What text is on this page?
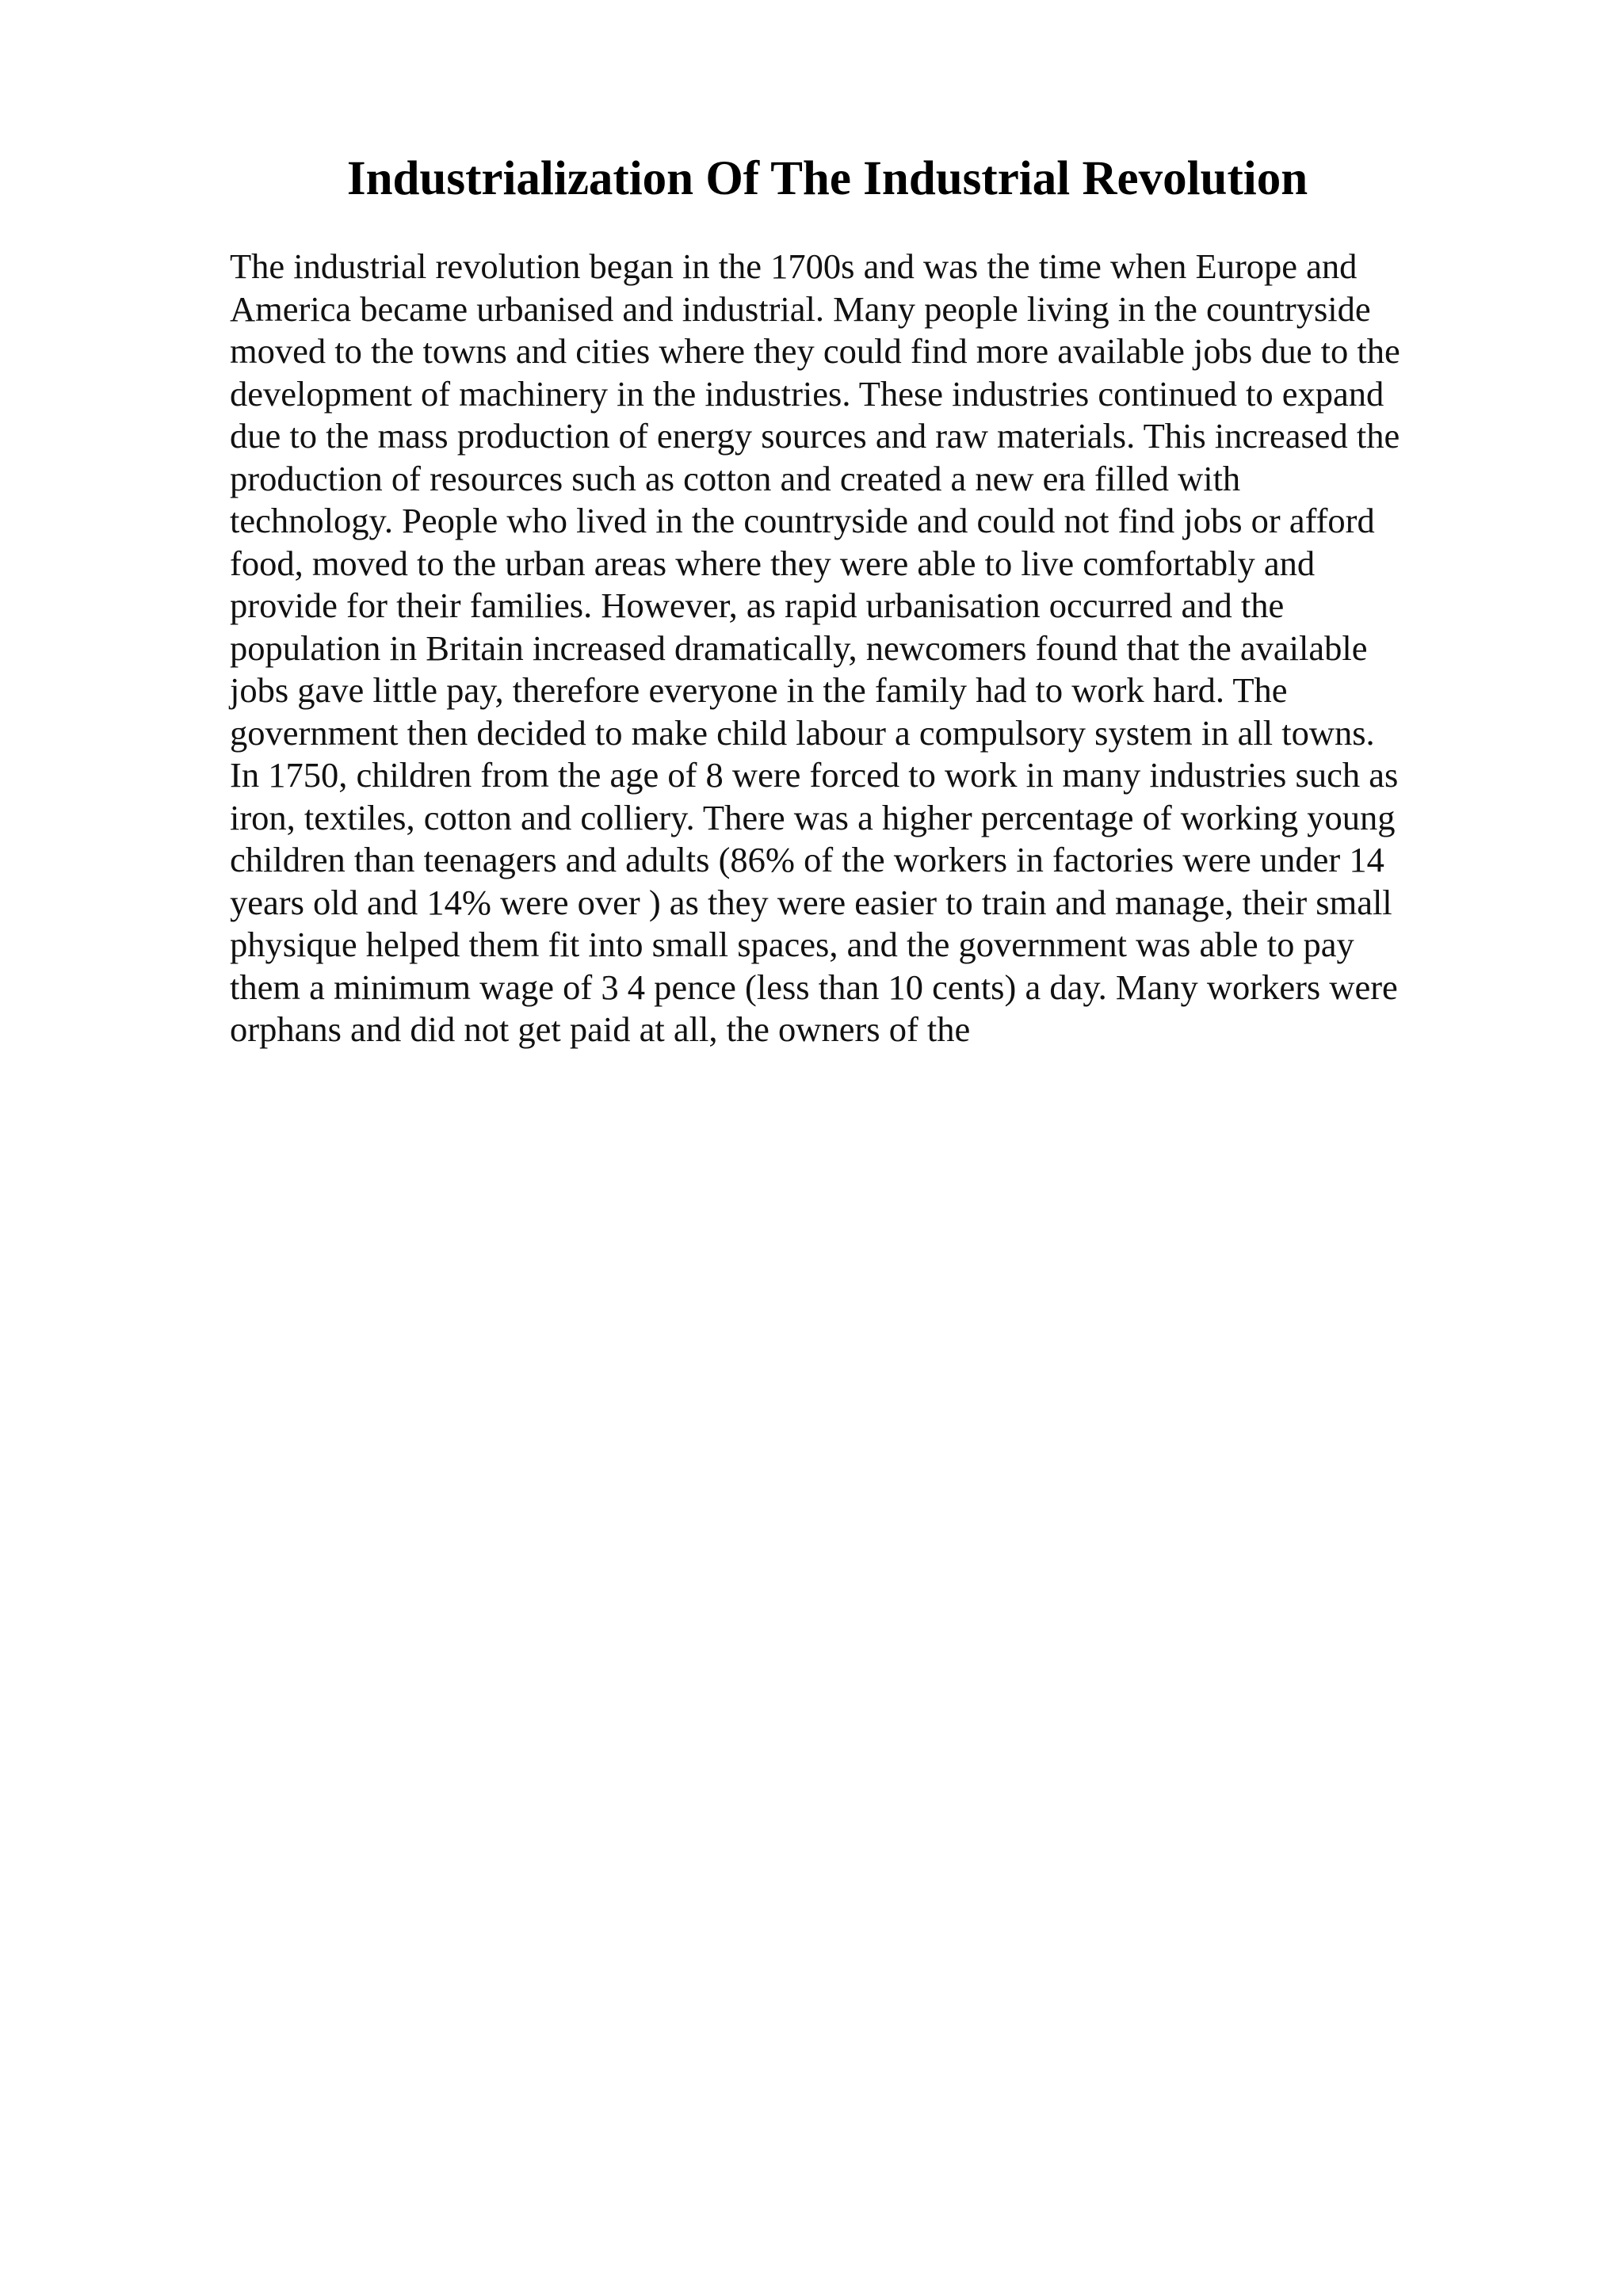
Industrialization Of The Industrial Revolution
The industrial revolution began in the 1700s and was the time when Europe and
America became urbanised and industrial. Many people living in the countryside
moved to the towns and cities where they could find more available jobs due to the
development of machinery in the industries. These industries continued to expand
due to the mass production of energy sources and raw materials. This increased the
production of resources such as cotton and created a new era filled with
technology. People who lived in the countryside and could not find jobs or afford
food, moved to the urban areas where they were able to live comfortably and
provide for their families. However, as rapid urbanisation occurred and the
population in Britain increased dramatically, newcomers found that the available
jobs gave little pay, therefore everyone in the family had to work hard. The
government then decided to make child labour a compulsory system in all towns.
In 1750, children from the age of 8 were forced to work in many industries such as
iron, textiles, cotton and colliery. There was a higher percentage of working young
children than teenagers and adults (86% of the workers in factories were under 14
years old and 14% were over ) as they were easier to train and manage, their small
physique helped them fit into small spaces, and the government was able to pay
them a minimum wage of 3 4 pence (less than 10 cents) a day. Many workers were
orphans and did not get paid at all, the owners of the
